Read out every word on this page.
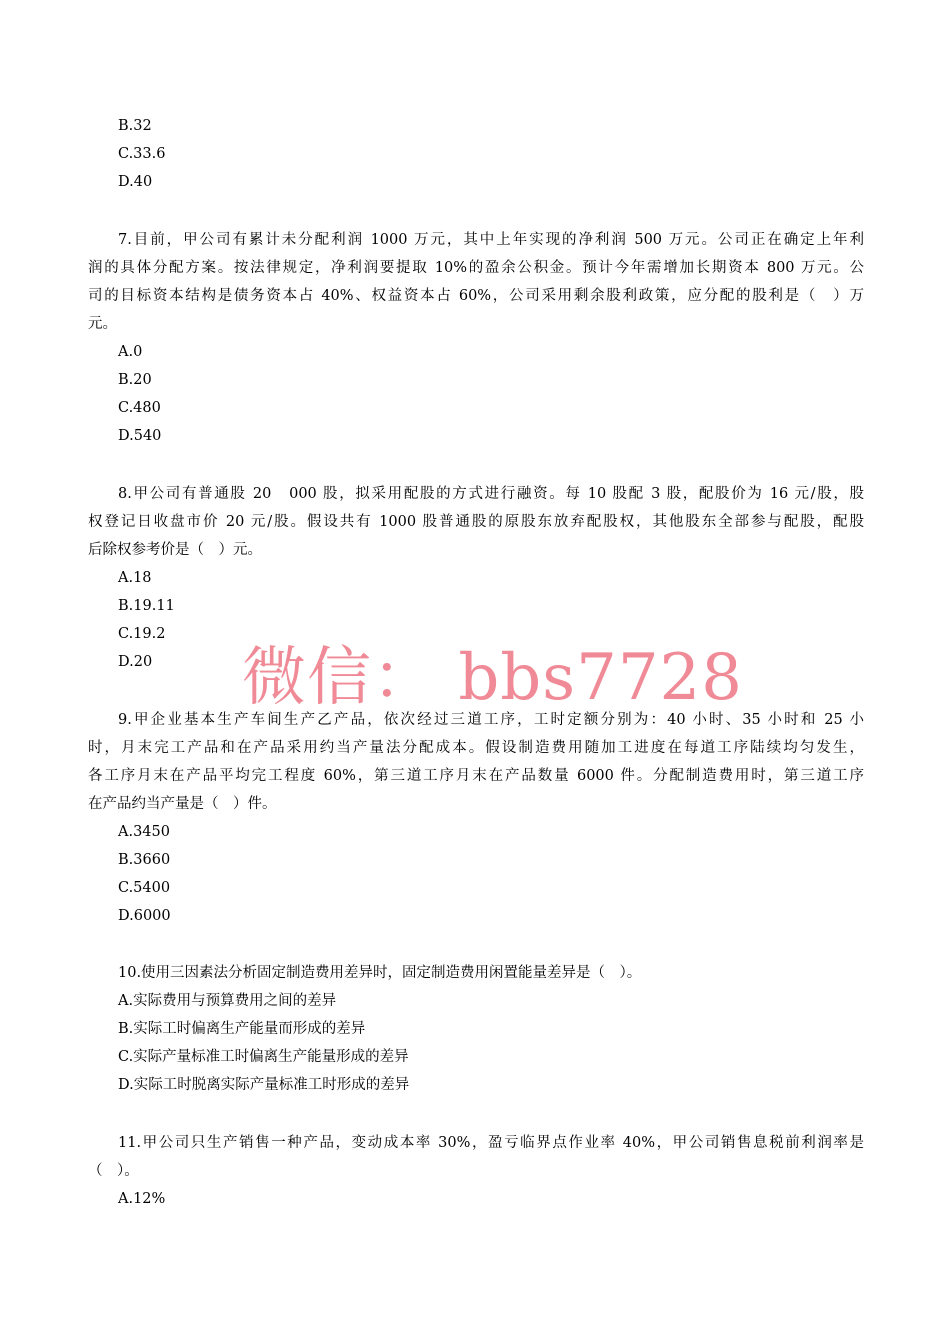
B.32
C.33.6
D.40
7.目前，甲公司有累计未分配利润 1000 万元，其中上年实现的净利润 500 万元。公司正在确定上年利
润的具体分配方案。按法律规定，净利润要提取 10%的盈余公积金。预计今年需增加长期资本 800 万元。公
司的目标资本结构是债务资本占 40%、权益资本占 60%，公司采用剩余股利政策，应分配的股利是（　）万
元。
A.0
B.20
C.480
D.540
8.甲公司有普通股 20　000 股，拟采用配股的方式进行融资。每 10 股配 3 股，配股价为 16 元/股，股
权登记日收盘市价 20 元/股。假设共有 1000 股普通股的原股东放弃配股权，其他股东全部参与配股，配股
后除权参考价是（　）元。
A.18
B.19.11
C.19.2
D.20 微信： bbs7728
9.甲企业基本生产车间生产乙产品，依次经过三道工序，工时定额分别为：40 小时、35 小时和 25 小
时，月末完工产品和在产品采用约当产量法分配成本。假设制造费用随加工进度在每道工序陆续均匀发生，
各工序月末在产品平均完工程度 60%，第三道工序月末在产品数量 6000 件。分配制造费用时，第三道工序
在产品约当产量是（　）件。
A.3450
B.3660
C.5400
D.6000
10.使用三因素法分析固定制造费用差异时，固定制造费用闲置能量差异是（　）。
A.实际费用与预算费用之间的差异
B.实际工时偏离生产能量而形成的差异
C.实际产量标准工时偏离生产能量形成的差异
D.实际工时脱离实际产量标准工时形成的差异
11.甲公司只生产销售一种产品，变动成本率 30%，盈亏临界点作业率 40%，甲公司销售息税前利润率是
（　）。
A.12%
